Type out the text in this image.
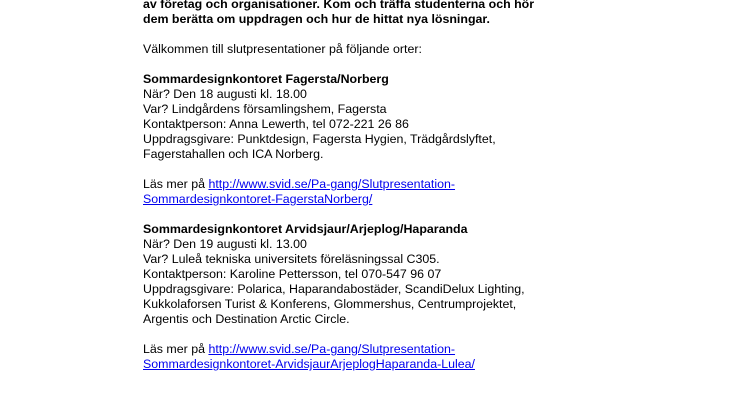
av företag och organisationer. Kom och träffa studenterna och hör
dem berätta om uppdragen och hur de hittat nya lösningar.
Välkommen till slutpresentationer på följande orter:
Sommardesignkontoret Fagersta/Norberg
När? Den 18 augusti kl. 18.00
Var? Lindgårdens församlingshem, Fagersta
Kontaktperson: Anna Lewerth, tel 072-221 26 86
Uppdragsgivare: Punktdesign, Fagersta Hygien, Trädgårdslyftet,
Fagerstahallen och ICA Norberg.
Läs mer på http://www.svid.se/Pa-gang/Slutpresentation-
Sommardesignkontoret-FagerstaNorberg/
Sommardesignkontoret Arvidsjaur/Arjeplog/Haparanda
När? Den 19 augusti kl. 13.00
Var? Luleå tekniska universitets föreläsningssal C305.
Kontaktperson: Karoline Pettersson, tel 070-547 96 07
Uppdragsgivare: Polarica, Haparandabostäder, ScandiDelux Lighting,
Kukkolaforsen Turist & Konferens, Glommershus, Centrumprojektet,
Argentis och Destination Arctic Circle.
Läs mer på http://www.svid.se/Pa-gang/Slutpresentation-
Sommardesignkontoret-ArvidsjaurArjeplogHaparanda-Lulea/
